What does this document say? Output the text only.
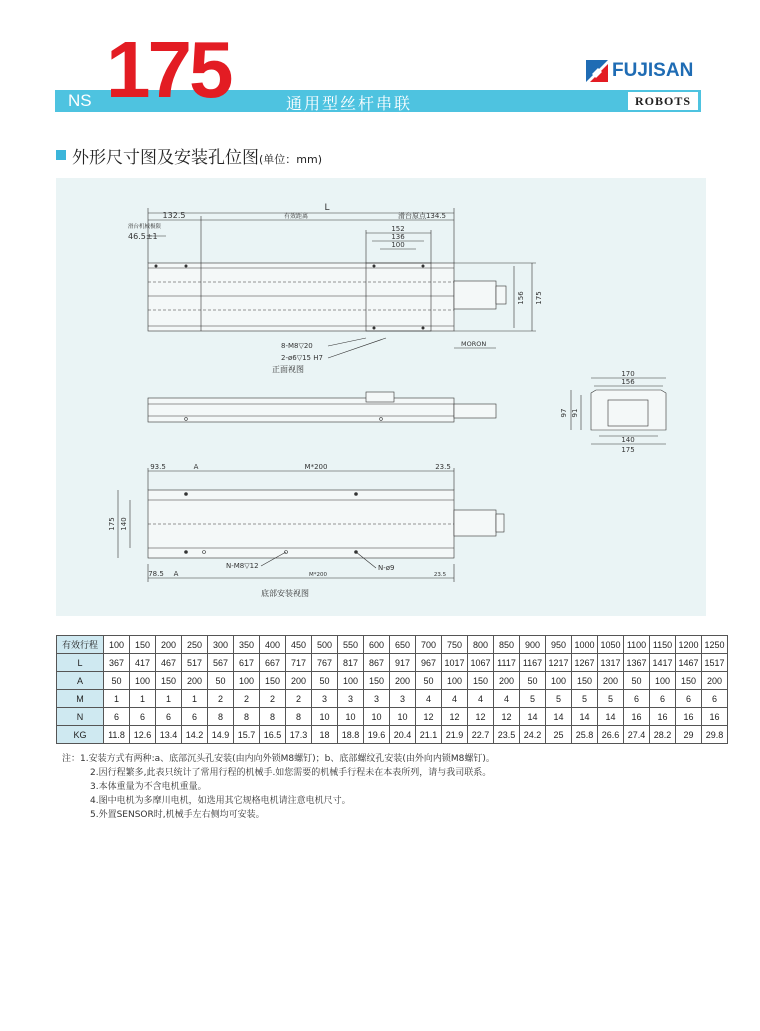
NS 175	通用型丝杆串联
FUJISAN
ROBOTS
外形尺寸图及安装孔位图(单位：mm)
L
132.5	有效距离	滑台原点134.5
滑台机械极限
46.5±1
152
136
100
156 175
MORON
8-M8▽20
2-ø6▽15 H7
正面视图	170
156
97 91
140
175
93.5	A	M*200	23.5
175 140
N-M8▽12	N-ø9
78.5 A	M*200	23.5
底部安装视图
有效行程	100	150	200	250	300	350	400	450	500	550	600	650	700	750	800	850	900	950	1000	1050	1100	1150	1200	1250
L	367	417	467	517	567	617	667	717	767	817	867	917	967	1017	1067	1117	1167	1217	1267	1317	1367	1417	1467	1517
A	50	100	150	200	50	100	150	200	50	100	150	200	50	100	150	200	50	100	150	200	50	100	150	200
M	1	1	1	1	2	2	2	2	3	3	3	3	4	4	4	4	5	5	5	5	6	6	6	6
N	6	6	6	6	8	8	8	8	10	10	10	10	12	12	12	12	14	14	14	14	16	16	16	16
KG	11.8	12.6	13.4	14.2	14.9	15.7	16.5	17.3	18	18.8	19.6	20.4	21.1	21.9	22.7	23.5	24.2	25	25.8	26.6	27.4	28.2	29	29.8
注：1.安装方式有两种:a、底部沉头孔安装(由内向外锁M8螺钉)；b、底部螺纹孔安装(由外向内锁M8螺钉)。
2.因行程繁多,此表只统计了常用行程的机械手.如您需要的机械手行程未在本表所列，请与我司联系。
3.本体重量为不含电机重量。
4.图中电机为多摩川电机，如选用其它规格电机请注意电机尺寸。
5.外置SENSOR时,机械手左右侧均可安装。
